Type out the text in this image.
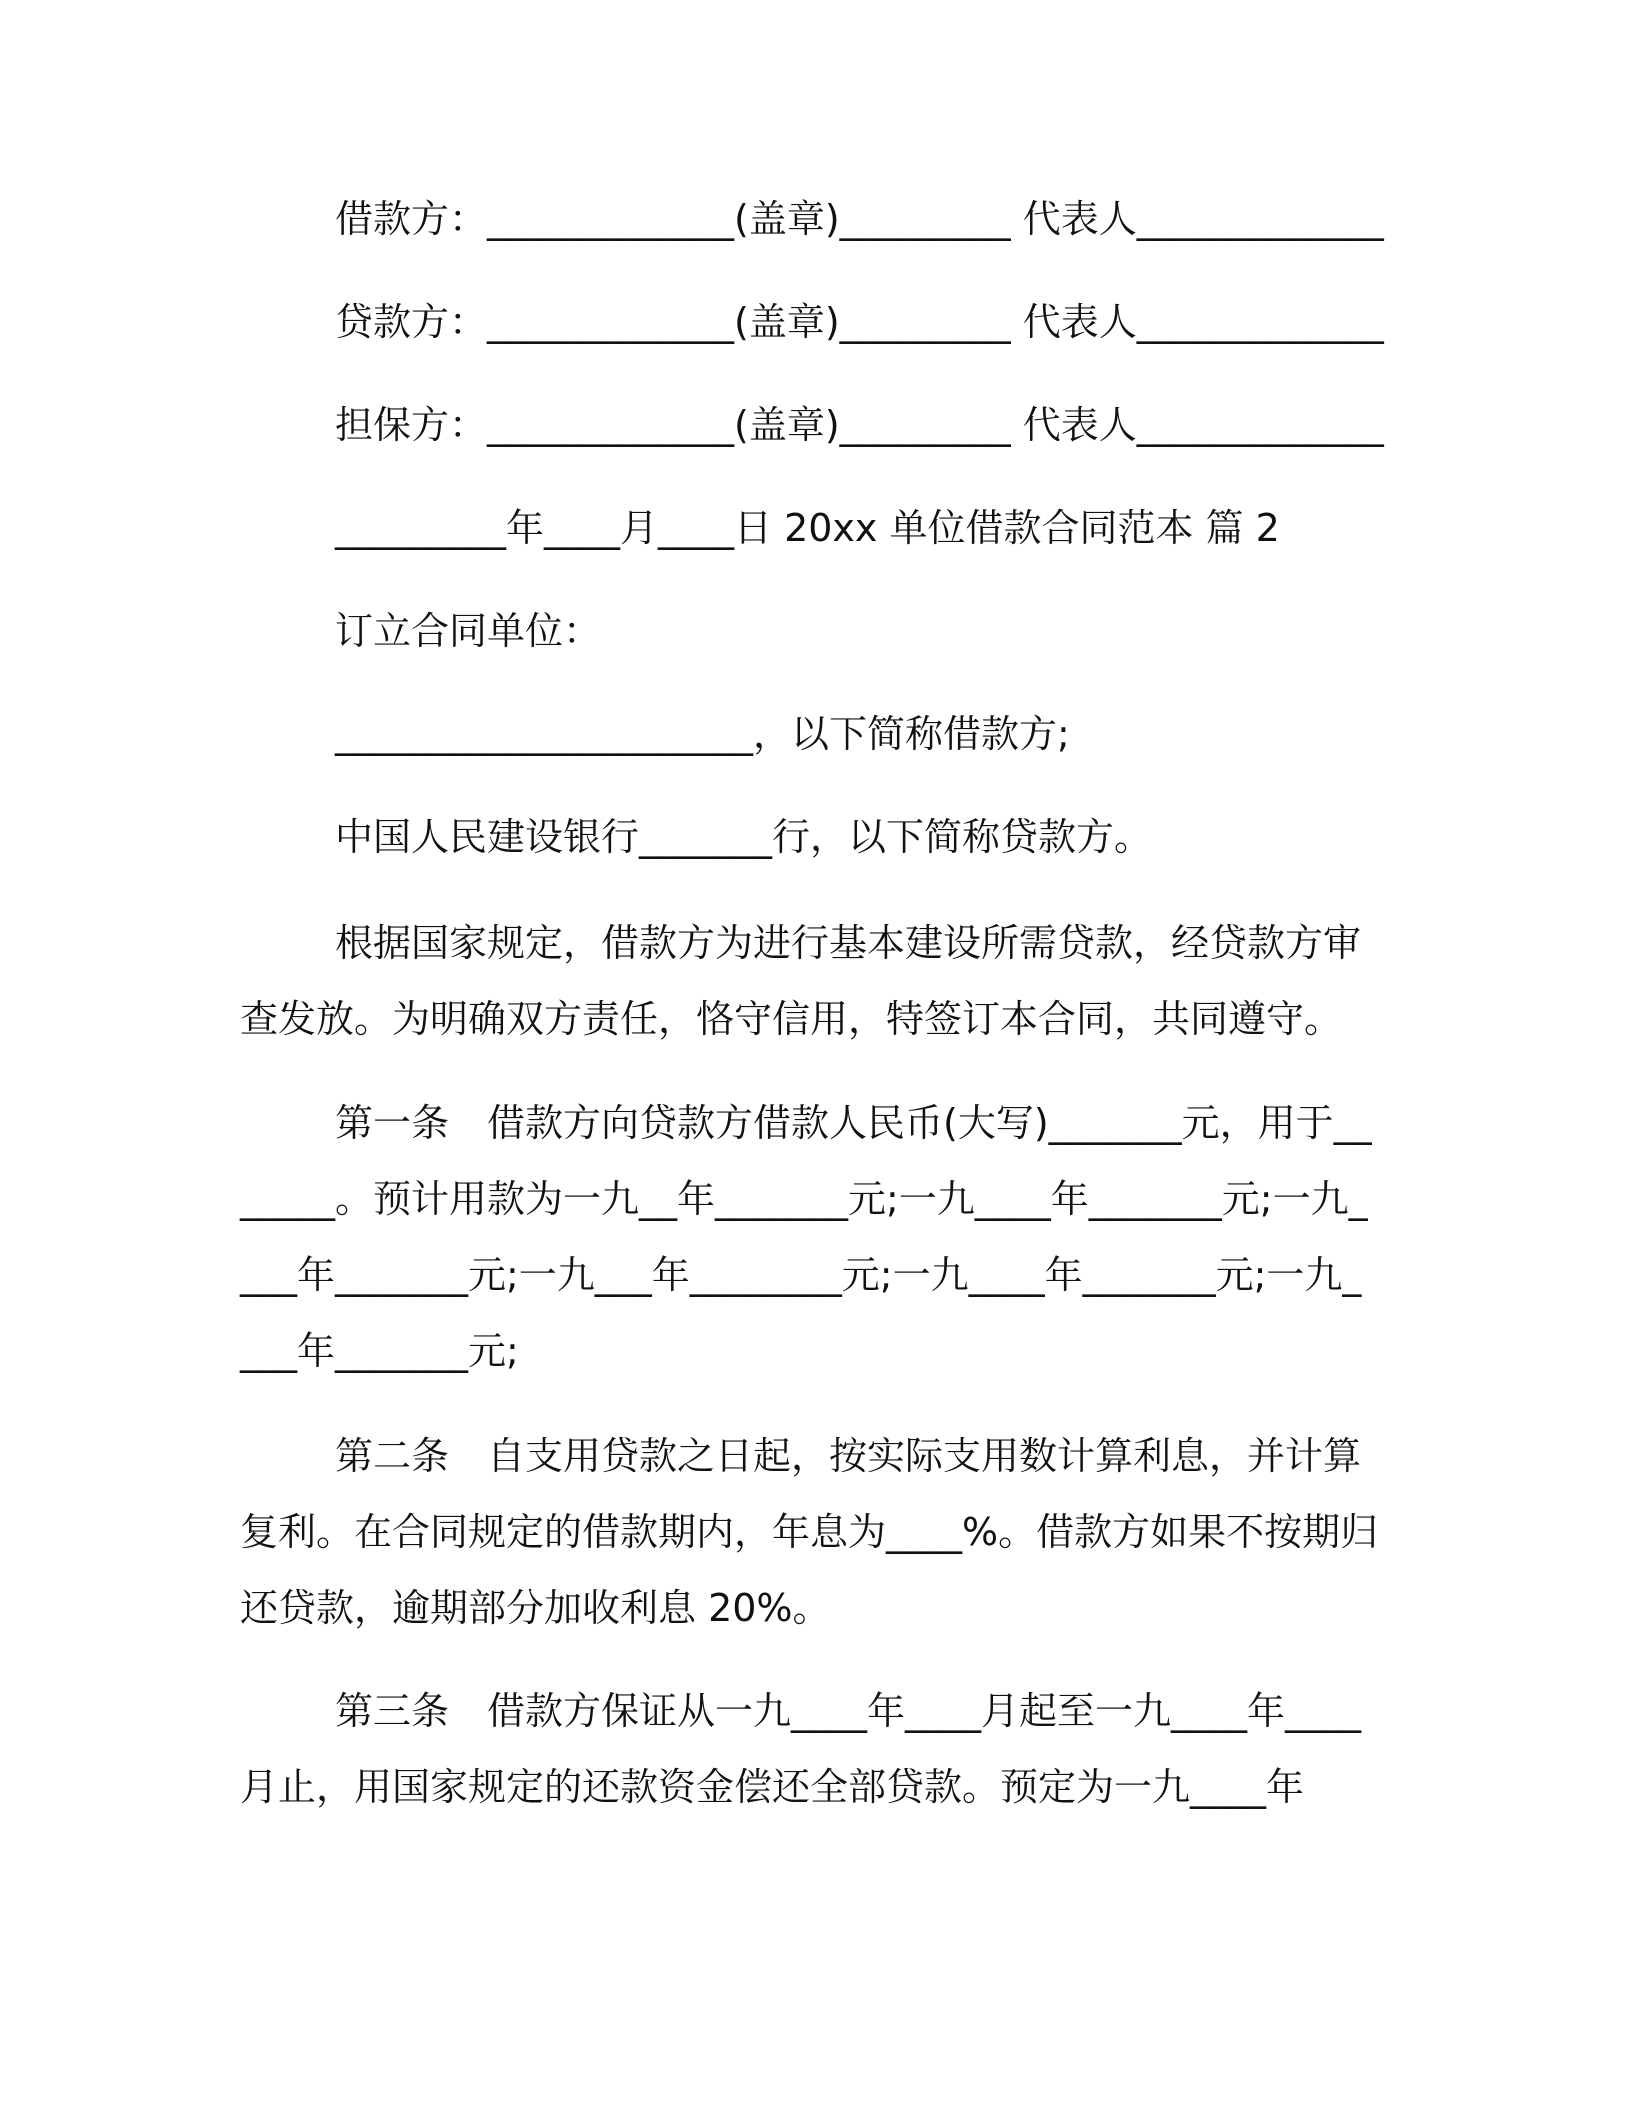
借款方：_____________(盖章)_________ 代表人_____________
贷款方：_____________(盖章)_________ 代表人_____________
担保方：_____________(盖章)_________ 代表人_____________
_________年____月____日 20xx 单位借款合同范本 篇 2
订立合同单位：
______________________，以下简称借款方;
中国人民建设银行_______行，以下简称贷款方。
根据国家规定，借款方为进行基本建设所需贷款，经贷款方审查发放。为明确双方责任，恪守信用，特签订本合同，共同遵守。
第一条　借款方向贷款方借款人民币(大写)_______元，用于_______。预计用款为一九__年_______元;一九____年_______元;一九____年_______元;一九___年________元;一九____年_______元;一九____年_______元;
第二条　自支用贷款之日起，按实际支用数计算利息，并计算复利。在合同规定的借款期内，年息为____%。借款方如果不按期归还贷款，逾期部分加收利息 20%。
第三条　借款方保证从一九____年____月起至一九____年____月止，用国家规定的还款资金偿还全部贷款。预定为一九____年
